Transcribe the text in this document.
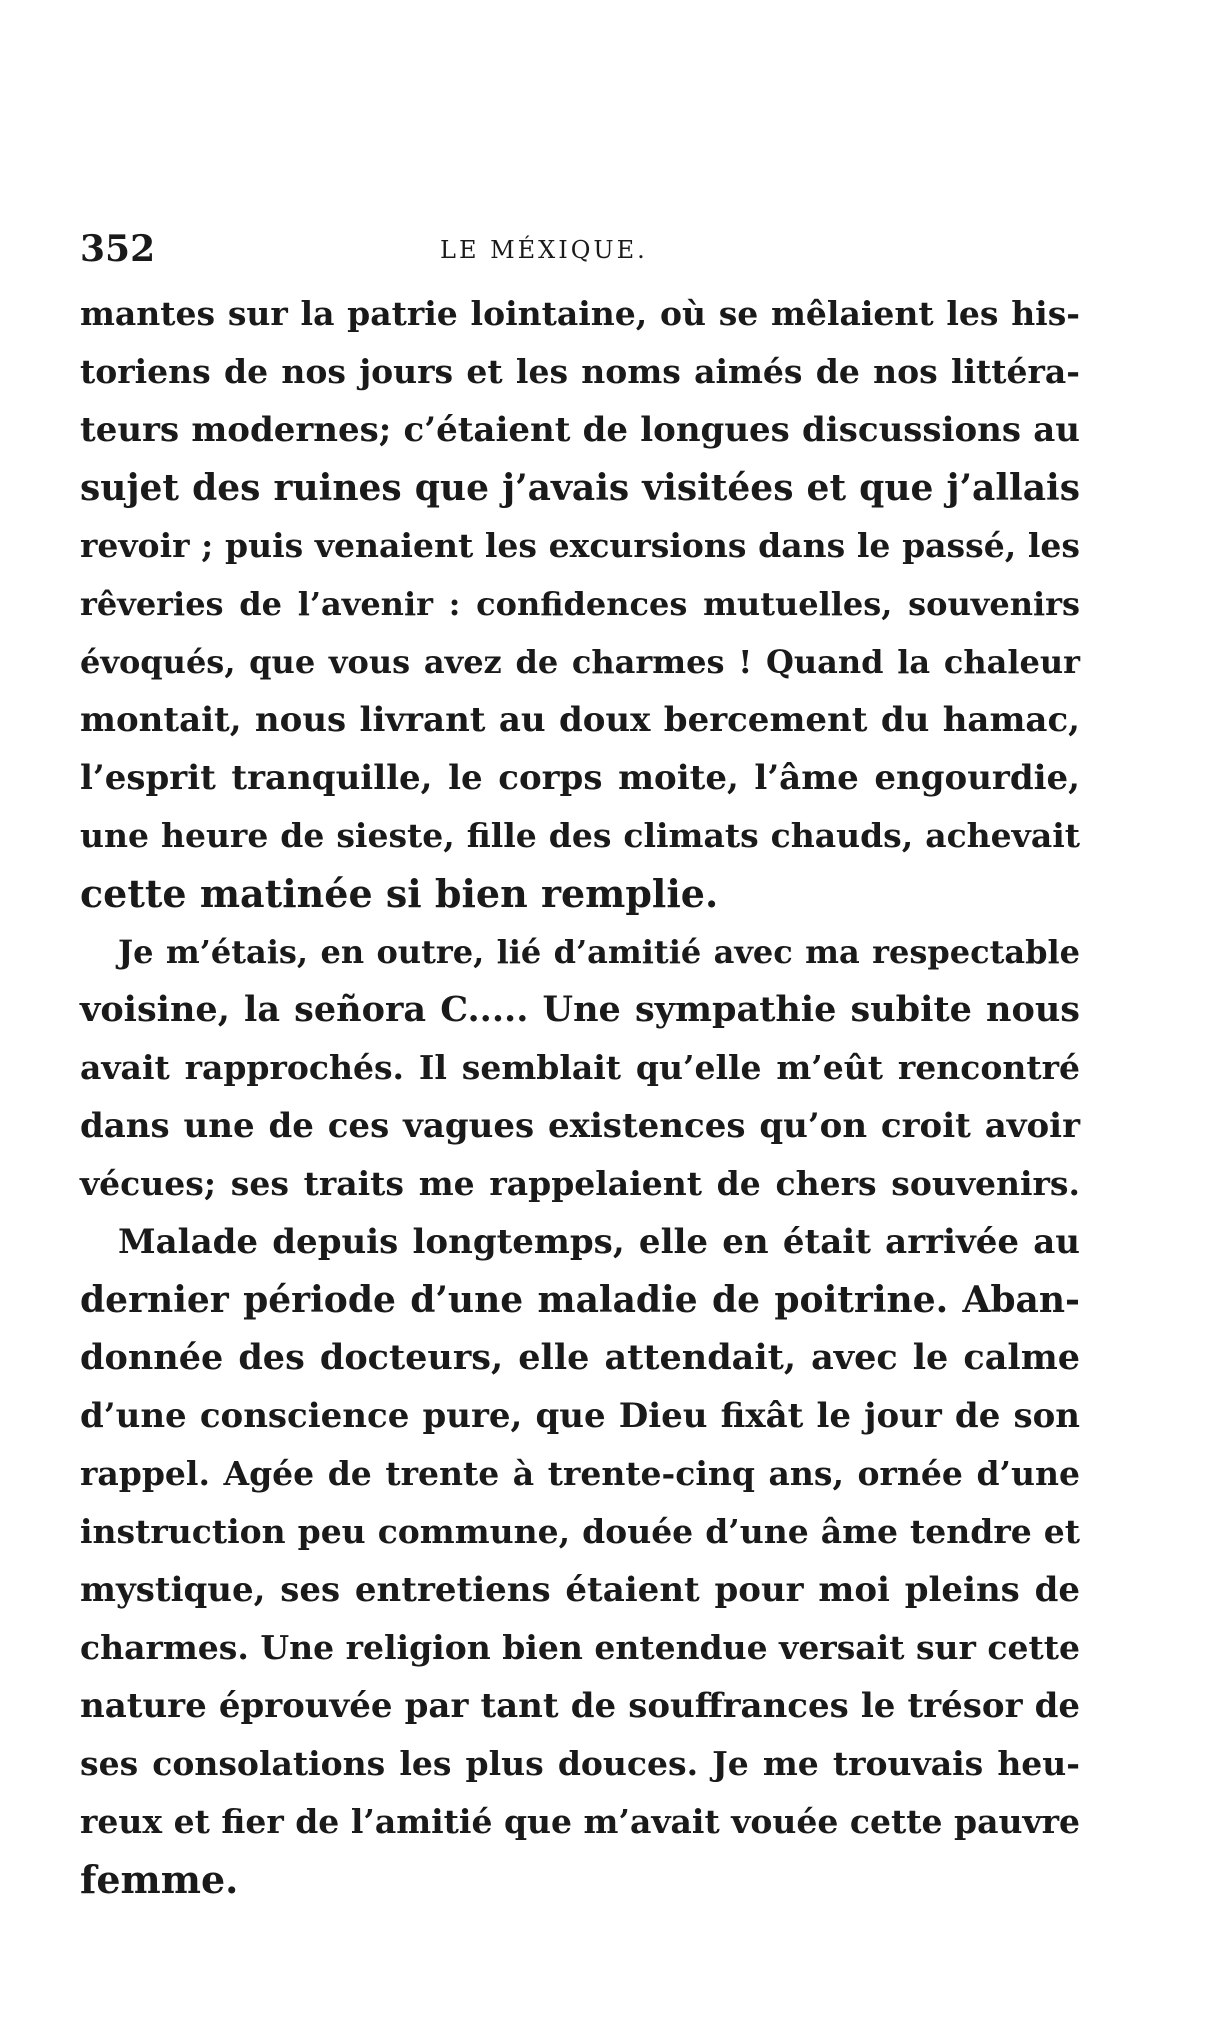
352	LE MÉXIQUE.
mantes sur la patrie lointaine, où se mêlaient les his-
toriens de nos jours et les noms aimés de nos littéra-
teurs modernes; c’étaient de longues discussions au
sujet des ruines que j’avais visitées et que j’allais
revoir ; puis venaient les excursions dans le passé, les
rêveries de l’avenir : confidences mutuelles, souvenirs
évoqués, que vous avez de charmes ! Quand la chaleur
montait, nous livrant au doux bercement du hamac,
l’esprit tranquille, le corps moite, l’âme engourdie,
une heure de sieste, fille des climats chauds, achevait
cette matinée si bien remplie.
Je m’étais, en outre, lié d’amitié avec ma respectable
voisine, la señora C..... Une sympathie subite nous
avait rapprochés. Il semblait qu’elle m’eût rencontré
dans une de ces vagues existences qu’on croit avoir
vécues; ses traits me rappelaient de chers souvenirs.
Malade depuis longtemps, elle en était arrivée au
dernier période d’une maladie de poitrine. Aban-
donnée des docteurs, elle attendait, avec le calme
d’une conscience pure, que Dieu fixât le jour de son
rappel. Agée de trente à trente-cinq ans, ornée d’une
instruction peu commune, douée d’une âme tendre et
mystique, ses entretiens étaient pour moi pleins de
charmes. Une religion bien entendue versait sur cette
nature éprouvée par tant de souffrances le trésor de
ses consolations les plus douces. Je me trouvais heu-
reux et fier de l’amitié que m’avait vouée cette pauvre
femme.
